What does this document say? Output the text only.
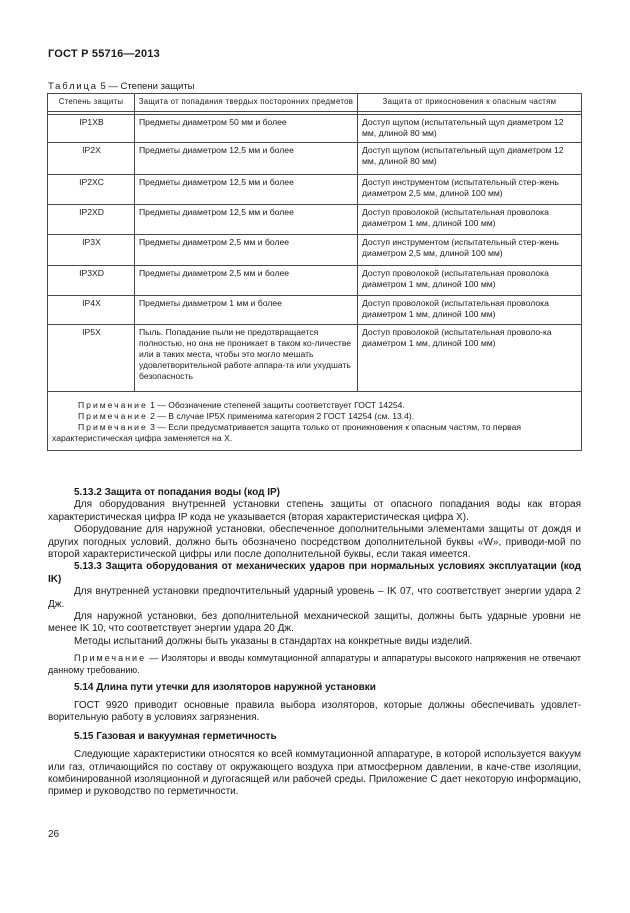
ГОСТ Р 55716—2013
Таблица 5 — Степени защиты
Степень защиты	Защита от попадания твердых посторонних предметов	Защита от прикосновения к опасным частям

IP1XB	Предметы диаметром 50 мм и более	Доступ щупом (испытательный щуп диаметром 12 мм, длиной 80 мм)
IP2X	Предметы диаметром 12,5 мм и более	Доступ щупом (испытательный щуп диаметром 12 мм, длиной 80 мм)
IP2XC	Предметы диаметром 12,5 мм и более	Доступ инструментом (испытательный стер-жень диаметром 2,5 мм, длиной 100 мм)
IP2XD	Предметы диаметром 12,5 мм и более	Доступ проволокой (испытательная проволока диаметром 1 мм, длиной 100 мм)
IP3X	Предметы диаметром 2,5 мм и более	Доступ инструментом (испытательный стер-жень диаметром 2,5 мм, длиной 100 мм)
IP3XD	Предметы диаметром 2,5 мм и более	Доступ проволокой (испытательная проволока диаметром 1 мм, длиной 100 мм)
IP4X	Предметы диаметром 1 мм и более	Доступ проволокой (испытательная проволока диаметром 1 мм, длиной 100 мм)
IP5X	Пыль. Попадание пыли не предотвращается полностью, но она не проникает в таком ко-личестве или в таких места, чтобы это могло мешать удовлетворительной работе аппара-та или ухудшать безопасность	Доступ проволокой (испытательная проволо-ка диаметром 1 мм, длиной 100 мм)

Примечание 1 — Обозначение степеней защиты соответствует ГОСТ 14254.

Примечание 2 — В случае IP5X применима категория 2 ГОСТ 14254 (см. 13.4).

Примечание 3 — Если предусматривается защита только от проникновения к опасным частям, то первая характеристическая цифра заменяется на X.		

5.13.2 Защита от попадания воды (код IP)

Для оборудования внутренней установки степень защиты от опасного попадания воды как вторая характеристическая цифра IP кода не указывается (вторая характеристическая цифра X).

Оборудование для наружной установки, обеспеченное дополнительными элементами защиты от дождя и других погодных условий, должно быть обозначено посредством дополнительной буквы «W», приводи-мой по второй характеристической цифры или после дополнительной буквы, если такая имеется.

5.13.3 Защита оборудования от механических ударов при нормальных условиях эксплуатации (код IK)

Для внутренней установки предпочтительный ударный уровень – IK 07, что соответствует энергии удара 2 Дж.

Для наружной установки, без дополнительной механической защиты, должны быть ударные уровни не менее IK 10, что соответствует энергии удара 20 Дж.

Методы испытаний должны быть указаны в стандартах на конкретные виды изделий.

Примечание — Изоляторы и вводы коммутационной аппаратуры и аппаратуры высокого напряжения не отвечают данному требованию.

5.14 Длина пути утечки для изоляторов наружной установки

ГОСТ 9920 приводит основные правила выбора изоляторов, которые должны обеспечивать удовлет-ворительную работу в условиях загрязнения.

5.15 Газовая и вакуумная герметичность

Следующие характеристики относятся ко всей коммутационной аппаратуре, в которой используется вакуум или газ, отличающийся по составу от окружающего воздуха при атмосферном давлении, в каче-стве изоляции, комбинированной изоляционной и дугогасящей или рабочей среды. Приложение С дает некоторую информацию, пример и руководство по герметичности.

26
